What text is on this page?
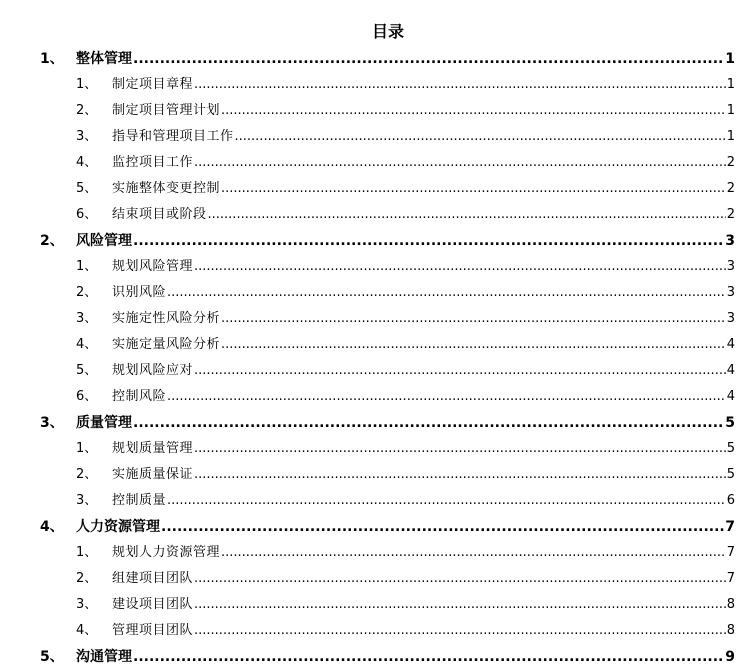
目录
1、 整体管理 .....	1
1、 制定项目章程 .....	1
2、 制定项目管理计划 .....	1
3、 指导和管理项目工作 .....	1
4、 监控项目工作 .....	2
5、 实施整体变更控制 .....	2
6、 结束项目或阶段 .....	2
2、 风险管理 .....	3
1、 规划风险管理 .....	3
2、 识别风险 .....	3
3、 实施定性风险分析 .....	3
4、 实施定量风险分析 .....	4
5、 规划风险应对 .....	4
6、 控制风险 .....	4
3、 质量管理 .....	5
1、 规划质量管理 .....	5
2、 实施质量保证 .....	5
3、 控制质量 .....	6
4、 人力资源管理 .....	7
1、 规划人力资源管理 .....	7
2、 组建项目团队 .....	7
3、 建设项目团队 .....	8
4、 管理项目团队 .....	8
5、 沟通管理 .....	9
